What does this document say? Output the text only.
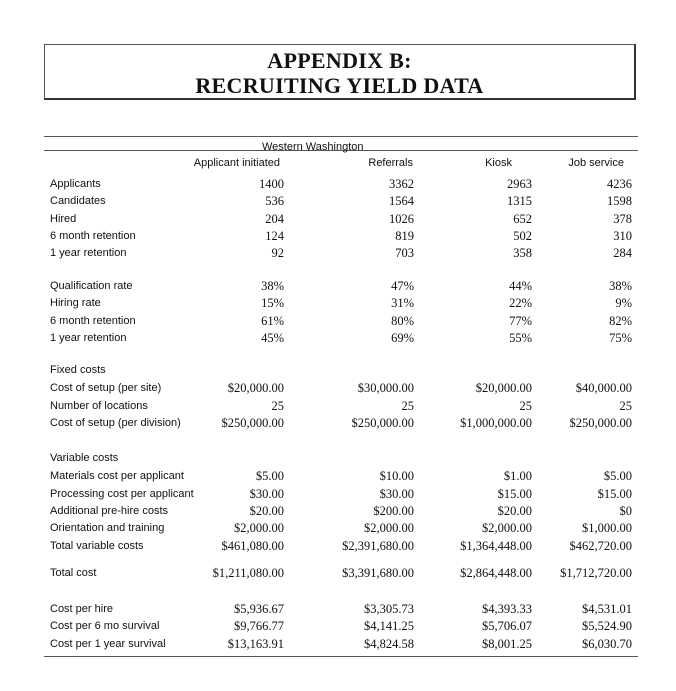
APPENDIX B:
RECRUITING YIELD DATA
Western Washington
Applicant initiated	Referrals	Kiosk	Job service
Applicants	1400	3362	2963	4236
Candidates	536	1564	1315	1598
Hired	204	1026	652	378
6 month retention	124	819	502	310
1 year retention	92	703	358	284
Qualification rate	38%	47%	44%	38%
Hiring rate	15%	31%	22%	9%
6 month retention	61%	80%	77%	82%
1 year retention	45%	69%	55%	75%
Fixed costs
Cost of setup (per site)	$20,000.00	$30,000.00	$20,000.00	$40,000.00
Number of locations	25	25	25	25
Cost of setup (per division)	$250,000.00	$250,000.00	$1,000,000.00	$250,000.00
Variable costs
Materials cost per applicant	$5.00	$10.00	$1.00	$5.00
Processing cost per applicant	$30.00	$30.00	$15.00	$15.00
Additional pre-hire costs	$20.00	$200.00	$20.00	$0
Orientation and training	$2,000.00	$2,000.00	$2,000.00	$1,000.00
Total variable costs	$461,080.00	$2,391,680.00	$1,364,448.00	$462,720.00
Total cost	$1,211,080.00	$3,391,680.00	$2,864,448.00 $1,712,720.00
Cost per hire	$5,936.67	$3,305.73	$4,393.33	$4,531.01
Cost per 6 mo survival	$9,766.77	$4,141.25	$5,706.07	$5,524.90
Cost per 1 year survival	$13,163.91	$4,824.58	$8,001.25	$6,030.70
